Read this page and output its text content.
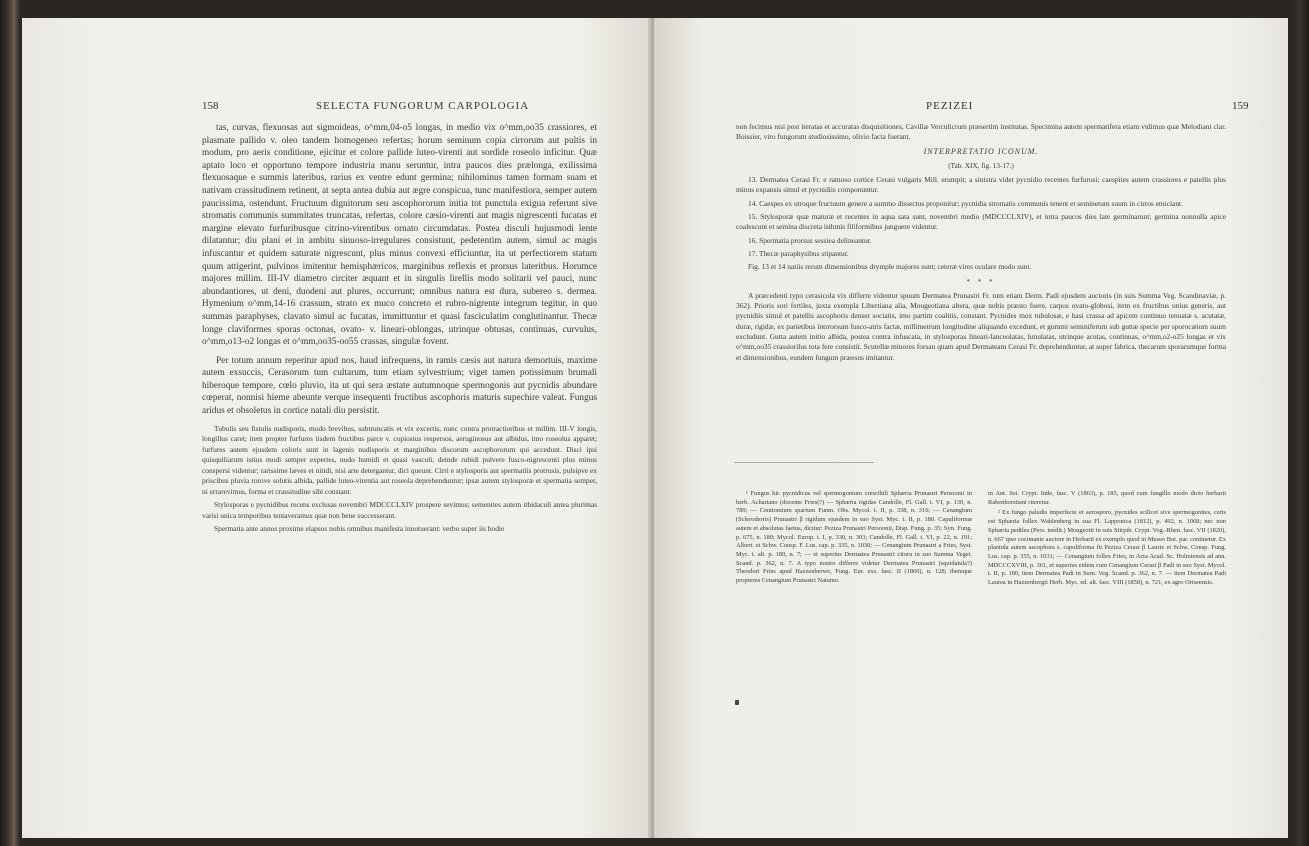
158	SELECTA FUNGORUM CARPOLOGIA

tas, curvas, flexuosas aut sigmoideas, o^mm,04-o5 longas, in medio vix o^mm,oo35 crassiores, et plasmate pallido v. oleo tandem homogeneo refertas; horum seminum copia cirrorum aut pultis in modum, pro aeris conditione, ejicitur et colore pallide luteo-virenti aut sordide roseolo inficitur. Quæ aptato loco et opportuno tempore industria manu seruntur, intra paucos dies prælonga, exilissima flexuosaque e summis lateribus, rarius ex ventre edunt germina; nihilominus tamen formam suam et nativam crassitudinem retinent, at septa antea dubia aut ægre conspicua, tunc manifestiora, semper autem paucissima, ostendunt. Fructuum dignitorum seu ascophororum initia tot punctula exigua referunt sive stromatis communis summitates truncatas, refertas, colore cæsio-virenti aut magis nigrescenti fucatas et margine elevato furfuribusque citrino-virentibus ornato circumdatas. Postea disculi hujusmodi lente dilatantur; diu plani et in ambitu sinuoso-irregulares consistunt, pedetentim autem, simul ac magis infuscantur et quidem saturate nigrescunt, plus minus convexi efficiuntur, ita ut perfectiorem statum quum attigerint, pulvinos imitentur hemisphæricos, marginibus reflexis et prorsus lateritbus. Horumce majores millim. III-IV diametro circiter æquant et in singulis lirellis modo solitarii vel pauci, nunc abundantiores, ut deni, duodeni aut plures, occurrunt; omnibus natura est dura, subereo s. dermea. Hymenium o^mm,14-16 crassum, strato ex muco concreto et rubro-nigrente integrum tegitur, in quo summas paraphyses, clavato simul ac fucatas, immittuntur et quasi fasciculatim conglutinantur. Thecæ longe claviformes sporas octonas, ovato- v. lineari-oblongas, utrinque obtusas, continuas, curvulus, o^mm,o13-o2 longas et o^mm,oo35-oo55 crassas, singulæ fovent.

Per totum annum reperitur apud nos, haud infrequens, in ramis cæsis aut natura demortuis, maxime autem exsuccis, Cerasorum tum cultarum, tum etiam sylvestrium; viget tamen potissimum brumali hiberoque tempore, cœlo pluvio, ita ut qui sera æstate autumnoque spermogonis aut pycnidis abundare cœperat, nonnisi hieme abeunte verque insequenti fructibus ascophoris maturis supechire valeat. Fungus aridus et obsoletus in cortice natali diu persistit.

Tubulis seu fistulis nudisporis, modo brevibus, subtruncatis et vix excertis, nunc contra protractioribus et millim. III-V longis, longillus caret; item propter furfures iisdem fructibus parce v. copiosius respersos, aeruginosus aut albidus, imo roseolus apparet; furfures autem ejusdem coloris sunt in lagenis nudisporis et marginibus discorum ascophororum qui accedunt. Disci ipsi quisquiliarum istius modi semper expertes, nudo humidi et quasi vasculi, deinde rubidi pulvere fusco-nigrescenti plus minus conspersi videntur; rarissime læves et nitidi, nisi arte detergantur, dici queunt. Cirri e stylosporis aut spermatiis protrusis, pulsipve ex priscibus pluvia rorove solutis albida, pallide luteo-virentia aut roseola deprehenduntur; ipsæ autem stylosporæ et spermatia semper, ni errarevimus, forma et crassitudine sibi constant.

Stylosporas e pycnidibus recens exclusas novembri MDCCCLXIV prospere sevimus; semenites autem ithidaculi antea plurimas varisi unica temporibus tentaveramus quæ non bene successerant.

Spermatia ante annos proxime elapsos nobis omnibus manifesta innotuerant: verbo super iis hodie

PEZIZEI	159

non fecimus nisi post iteratas et accuratas disquisitiones, Cavillæ Verculicrum præsertim institutas. Specimina autem spermatifera etiam vidimus quæ Melodiani clar. Boissier, viro fungorum studiosissimo, olivio facta fuerant.

INTERPRETATIO ICONUM.

(Tab. XIX, fig. 13-17.)

13. Dermatea Cerasi Fr. e ramoso cortice Cerasi vulgaris Mill. erumpit; a sinistra videt pycnidio recentes furfurosi; caespites autem crassiores e patellis plus minus expansis simul et pycnidiis componuntur.

14. Caespes ex utroque fructuum genere a summo dissectus proponitur; pycnidia stromatis communis tenent et seminetum suum in cirros emiciant.

15. Stylosporæ quæ maturæ et recentes in aqua sata sunt, novembri medio (MDCCCLXIV), et intra paucos dies late germinarunt; germina nonnulla apice coalescunt et semina discreta isthmis filiformibus junguere videntur.

16. Spermatia prorsus sessiea delineantur.

17. Thecæ paraphysibus stipantur.

Fig. 13 et 14 natiis rerum dimensionibus drymple majores sunt; ceteræ vires oculare modo sunt.

* * *

A præcedenti typo cerasicola vix differre videntur spuum Dermatea Prunastri Fr. tum etiam Derm. Padi ejusdem auctoris (in suis Summa Veg. Scandinaviæ, p. 362). Prioris sori fertiles, juxta exempla Libertiana alia, Mougeotiana altera, quæ nobis præsto fuere, carpos ovato-globosi, item ex fructibus unius generis, aut pycnidiis simul et patellis ascophoris denser sociatis, imo partim coalitis, constant. Pycnides mox tubulosæ, e basi crassa ad apicem continuo tenuatæ s. acutatæ, duræ, rigidæ, ex parietibus intrrorsum fusco-atris factæ, millimetrum longitudine aliquando excedunt, et gummi seminiferum sub guttæ specie per sporocæium suum excludunt. Gutta autem initio albida, postea contra infuscata, in stylosporas lineari-lanceolatas, lunulatas, utrinque acutas, continuas, o^mm,o2-o25 longas et vix o^mm,oo35 crassiorilus tota fere consistit. Scutellæ minores forsan quam apud Dermateam Cerasi Fr. deprehenduntur, at super fabrica, thecarum sporarumque forma et dimensionibus, eundem fungum præesus imitantur.

¹ Fungus hic pycnidicus vel spermogonium crescibili Sphæria Prunastri Persoonii in herb. Achariano (docente Fries(?) — Sphæria rigidas Candolle, Fl. Gall. t. VI, p. 130, n. 789; — Cenitomium sparium Funm. Obs. Mycol. t. II, p. 338, n. 316; — Cenangium (Scleroderris) Prunastri β rigidum ejusdem in suo Syst. Myc. t. II, p. 180. Capuliformæ autem et absolutas faetus, dicitur: Peziza Prunastri Persoonii, Disp. Fung. p. 35; Syn. Fung. p. 675, n. 180; Mycol. Europ. t. I, p. 330, n. 303; Candolle, Fl. Gall. t. VI, p. 22, n. 191; Albert. et Schw. Consp. F. Lus. cap. p. 335, n. 1030; — Cenangium Prunastri a Fries, Syst. Myc. t. alt. p. 180, n. 7; — et superius Dermatea Prunastri citoru in suo Summa Veget. Scand. p. 362, n. 7. A typo nostro differre videtur Dermatea Prunastri (squidatula?) Theodori Fries apud Hazzenberwe, Fung. Eur. exs. fasc. II (1860), n. 128; ibemque propterea Cenangium Prunastri Natumo.

in Ant. Sei. Crypt. Inde, fasc. V (1863), p. 185, quod cum fungillo modo dicto herbarii Rabenhorstiani riteretur.

² Ex fungo paludis imperfecte et aerosporo, pycnides scilicet sive spermogonites, ceris est Sphæria follex Wahlenberg in sua Fl. Lapponica (1812), p. 492, n. 1068; nec non Sphæria pedilea (Pers. inédit.) Mougeotii in suis Stirpib. Crypt. Vog.-Rhen. fasc. VII (1820), n. 667 ipso cocimante auctore in Herbarii ex exemplo quod in Museo Bot. par. continetur. Ex plantula autem ascophora s. capuliforma fit Peziza Cerasi β Laurie et Schw. Consp. Fung. Lus. cap. p. 355, n. 1031; — Cenangium follex Fries, in Acta Acad. Sc. Holmiensis ad ann. MDCCCXVIII, p. 361, et superius eidem cum Cenangium Cerasi β Padi in suo Syst. Mycol. t. II, p. 180, item Dermatea Padi in Sum. Veg. Scand. p. 362, n. 7. — item Dermatea Padi Laurea in Hazzenbergii Herb. Myc. ed. alt. fasc. VIII (1858), n. 721, ex agro Oriseensis.
